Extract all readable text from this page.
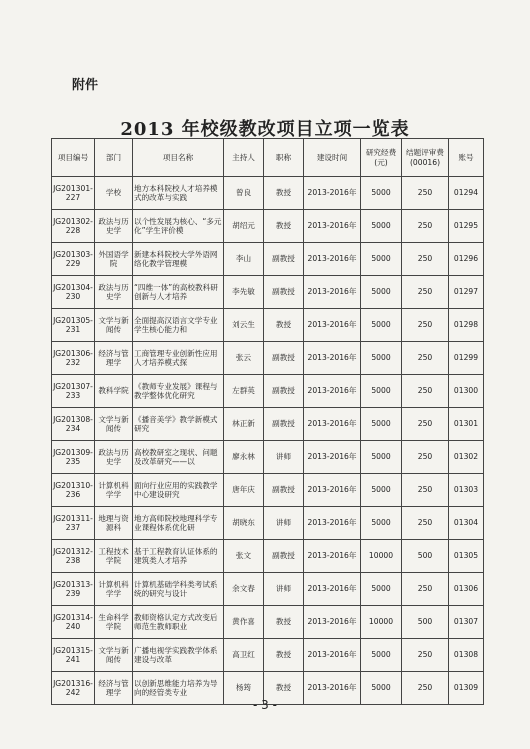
附件
2013 年校级教改项目立项一览表
项目编号	部门	项目名称	主持人	职称	建设时间	研究经费(元)	结题评审费(00016)	账号
JG201301-227	学校	地方本科院校人才培养模式的改革与实践	曾良	教授	2013-2016年	5000	250	01294
JG201302-228	政法与历史学	以个性发展为核心、“多元化”学生评价模	胡绍元	教授	2013-2016年	5000	250	01295
JG201303-229	外国语学院	新建本科院校大学外语网络化教学管理模	李山	副教授	2013-2016年	5000	250	01296
JG201304-230	政法与历史学	“四维一体”的高校教科研创新与人才培养	李先敏	副教授	2013-2016年	5000	250	01297
JG201305-231	文学与新闻传	全面提高汉语言文学专业学生核心能力和	刘云生	教授	2013-2016年	5000	250	01298
JG201306-232	经济与管理学	工商管理专业创新性应用人才培养模式探	张云	副教授	2013-2016年	5000	250	01299
JG201307-233	教科学院	《教师专业发展》课程与教学整体优化研究	左群英	副教授	2013-2016年	5000	250	01300
JG201308-234	文学与新闻传	《播音美学》教学新模式研究	林正新	副教授	2013-2016年	5000	250	01301
JG201309-235	政法与历史学	高校教研室之现状、问题及改革研究——以	廖永林	讲师	2013-2016年	5000	250	01302
JG201310-236	计算机科学学	面向行业应用的实践教学中心建设研究	唐年庆	副教授	2013-2016年	5000	250	01303
JG201311-237	地理与资源科	地方高师院校地理科学专业课程体系优化研	胡晓东	讲师	2013-2016年	5000	250	01304
JG201312-238	工程技术学院	基于工程教育认证体系的建筑类人才培养	张文	副教授	2013-2016年	10000	500	01305
JG201313-239	计算机科学学	计算机基础学科类考试系统的研究与设计	余文春	讲师	2013-2016年	5000	250	01306
JG201314-240	生命科学学院	教师资格认定方式改变后师范生教师职业	黄作喜	教授	2013-2016年	10000	500	01307
JG201315-241	文学与新闻传	广播电视学实践教学体系建设与改革	高卫红	教授	2013-2016年	5000	250	01308
JG201316-242	经济与管理学	以创新思维能力培养为导向的经管类专业	杨筠	教授	2013-2016年	5000	250	01309
- 3 -
